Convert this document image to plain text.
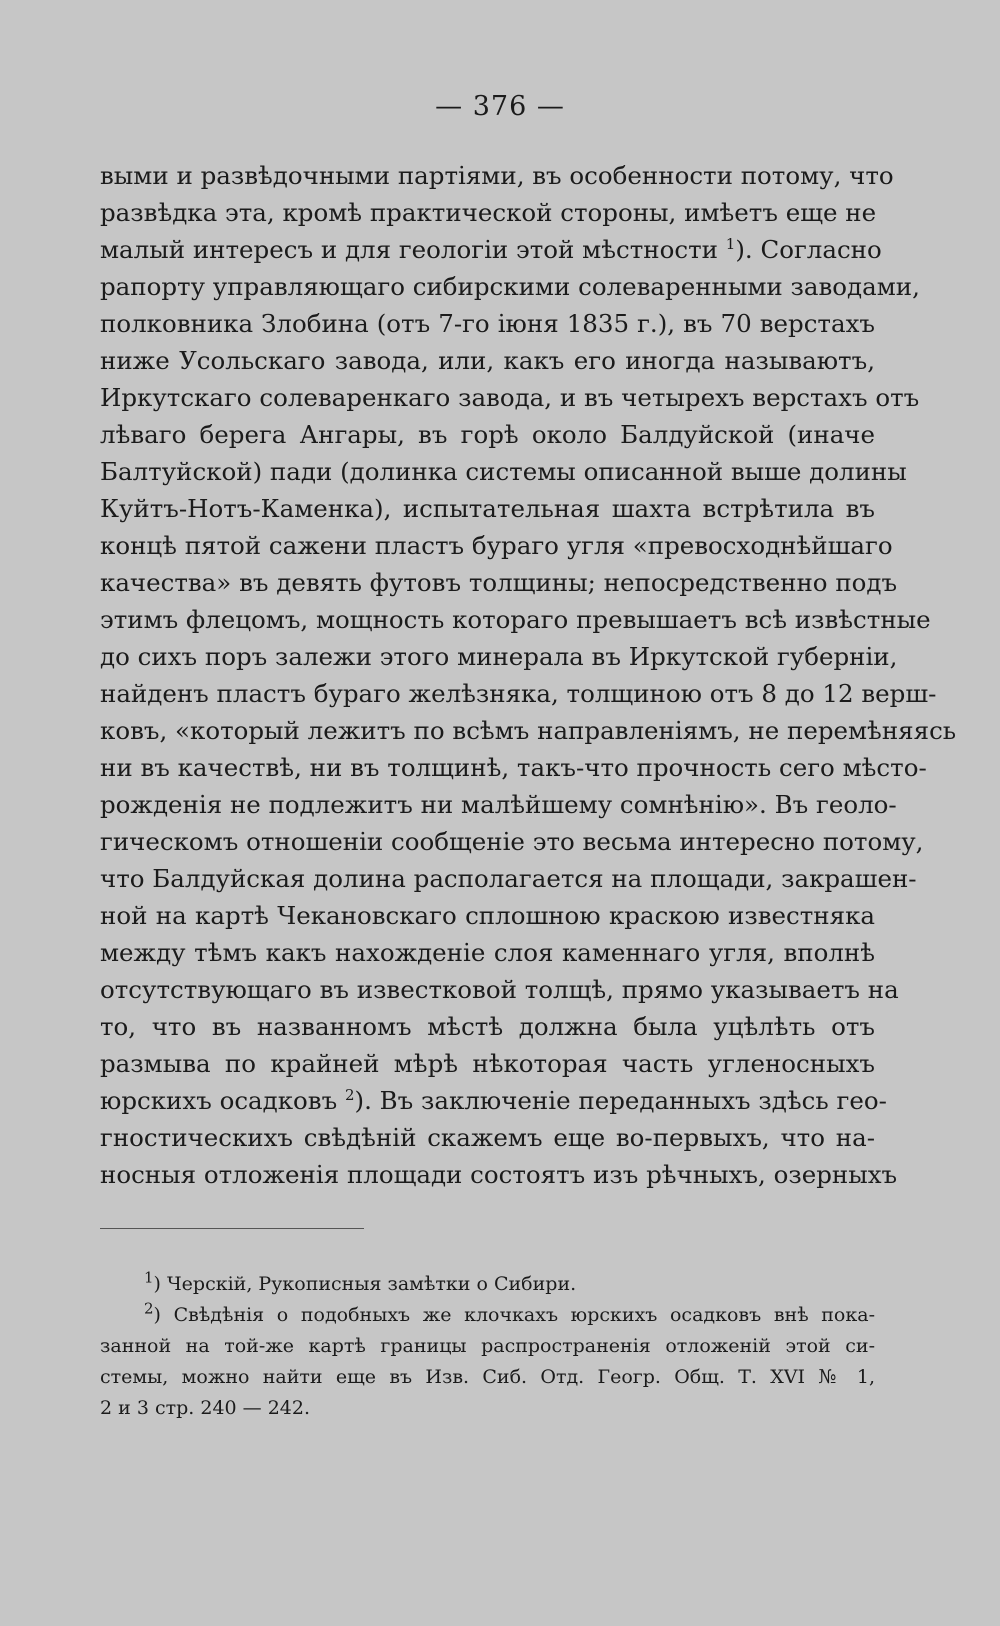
— 376 —
выми и развѣдочными партіями, въ особенности потому, что
развѣдка эта, кромѣ практической стороны, имѣетъ еще не
малый интересъ и для геологіи этой мѣстности $^1$). Согласно
рапорту управляющаго сибирскими солеваренными заводами,
полковника Злобина (отъ 7-го іюня 1835 г.), въ 70 верстахъ
ниже Усольскаго завода, или, какъ его иногда называютъ,
Иркутскаго солеваренкаго завода, и въ четырехъ верстахъ отъ
лѣваго берега Ангары, въ горѣ около Балдуйской (иначе
Балтуйской) пади (долинка системы описанной выше долины
Куйтъ-Нотъ-Каменка), испытательная шахта встрѣтила въ
концѣ пятой сажени пластъ бураго угля «превосходнѣйшаго
качества» въ девять футовъ толщины; непосредственно подъ
этимъ флецомъ, мощность котораго превышаетъ всѣ извѣстные
до сихъ поръ залежи этого минерала въ Иркутской губерніи,
найденъ пластъ бураго желѣзняка, толщиною отъ 8 до 12 верш-
ковъ, «который лежитъ по всѣмъ направленіямъ, не перемѣняясь
ни въ качествѣ, ни въ толщинѣ, такъ-что прочность сего мѣсто-
рожденія не подлежитъ ни малѣйшему сомнѣнію». Въ геоло-
гическомъ отношеніи сообщеніе это весьма интересно потому,
что Балдуйская долина располагается на площади, закрашен-
ной на картѣ Чекановскаго сплошною краскою известняка
между тѣмъ какъ нахожденіе слоя каменнаго угля, вполнѣ
отсутствующаго въ известковой толщѣ, прямо указываетъ на
то, что въ названномъ мѣстѣ должна была уцѣлѣть отъ
размыва по крайней мѣрѣ нѣкоторая часть угленосныхъ
юрскихъ осадковъ $^2$). Въ заключеніе переданныхъ здѣсь гео-
гностическихъ свѣдѣній скажемъ еще во-первыхъ, что на-
носныя отложенія площади состоятъ изъ рѣчныхъ, озерныхъ
$^1$) Черскій, Рукописныя замѣтки о Сибири.
$^2$) Свѣдѣнія о подобныхъ же клочкахъ юрскихъ осадковъ внѣ пока-
занной на той-же картѣ границы распространенія отложеній этой си-
стемы, можно найти еще въ Изв. Сиб. Отд. Геогр. Общ. Т. XVI № 1,
2 и 3 стр. 240 — 242.
